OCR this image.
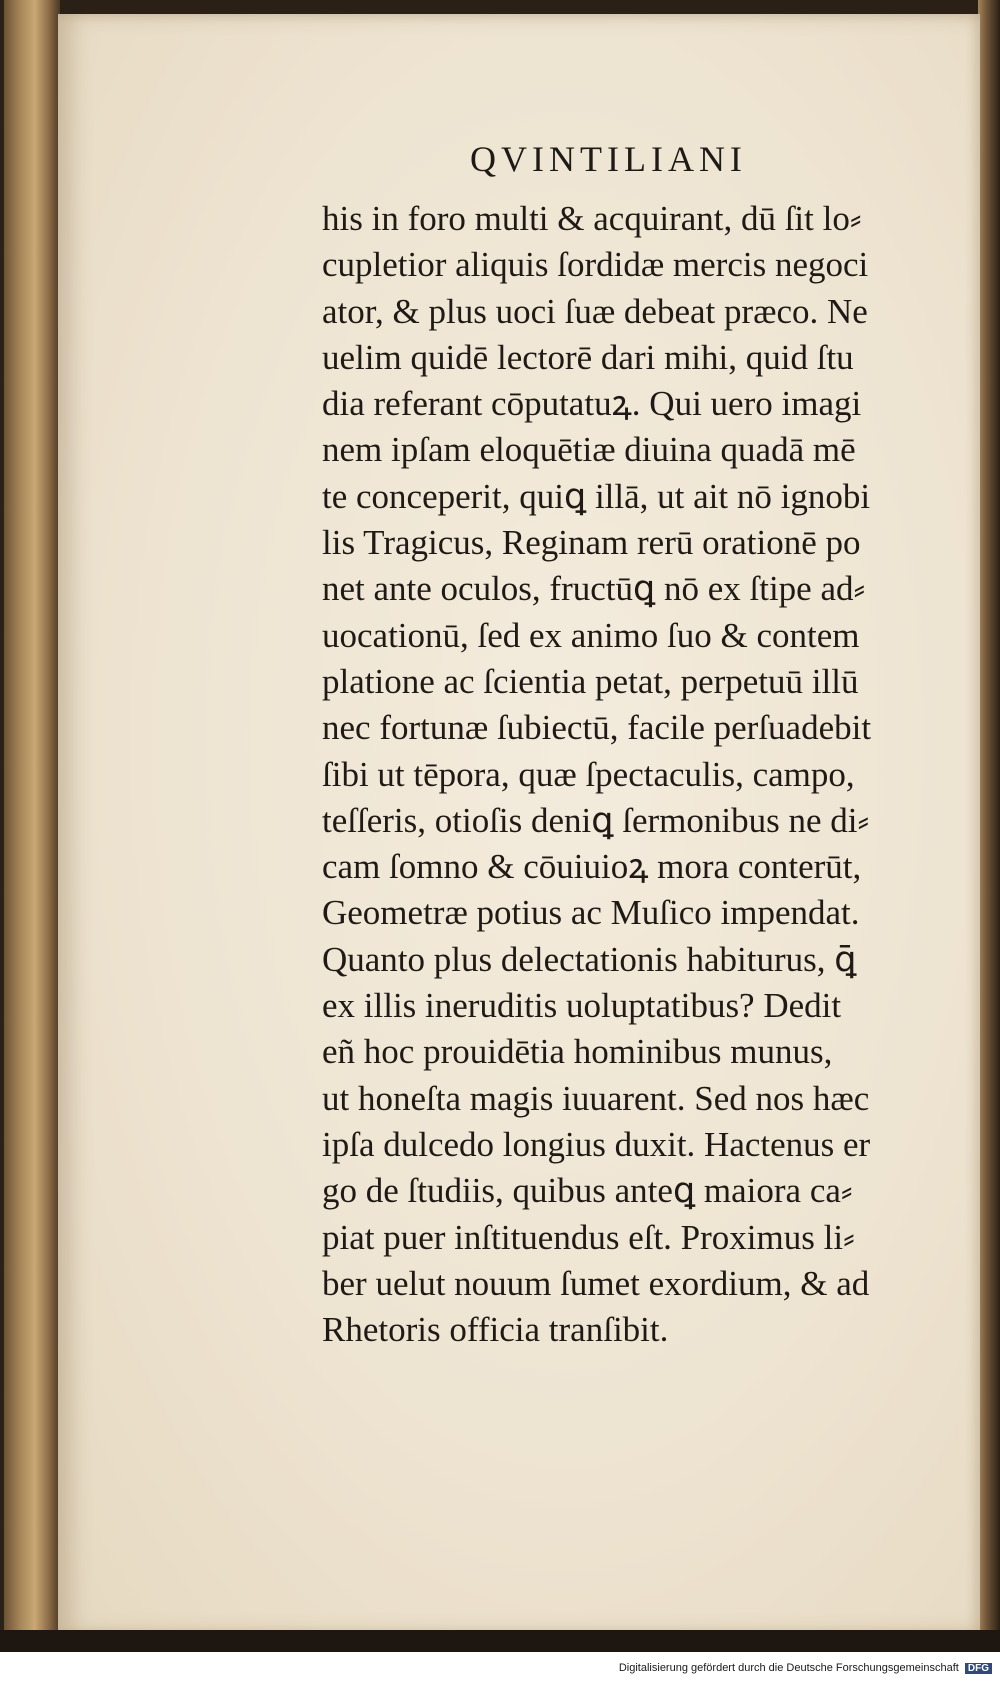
QVINTILIANI
his in foro multi & acquirant, dū ſit lo⸗
cupletior aliquis ſordidæ mercis negoci
ator, & plus uoci ſuæ debeat præco. Ne
uelim quidē lectorē dari mihi, quid ſtu
dia referant cōputatuꝝ. Qui uero imagi
nem ipſam eloquētiæ diuina quadā mē
te conceperit, quiꝗ illā, ut ait nō ignobi
lis Tragicus, Reginam rerū orationē po
net ante oculos, fructūꝗ nō ex ſtipe ad⸗
uocationū, ſed ex animo ſuo & contem
platione ac ſcientia petat, perpetuū illū
nec fortunæ ſubiectū, facile perſuadebit
ſibi ut tēpora, quæ ſpectaculis, campo,
teſſeris, otioſis deniꝗ ſermonibus ne di⸗
cam ſomno & cōuiuioꝝ mora conterūt,
Geometræ potius ac Muſico impendat.
Quanto plus delectationis habiturus, ꝗ̄
ex illis ineruditis uoluptatibus? Dedit
eñ hoc prouidētia hominibus munus,
ut honeſta magis iuuarent. Sed nos hæc
ipſa dulcedo longius duxit. Hactenus er
go de ſtudiis, quibus anteꝗ maiora ca⸗
piat puer inſtituendus eſt. Proximus li⸗
ber uelut nouum ſumet exordium, & ad
Rhetoris officia tranſibit.
Digitalisierung gefördert durch die Deutsche Forschungsgemeinschaft DFG
